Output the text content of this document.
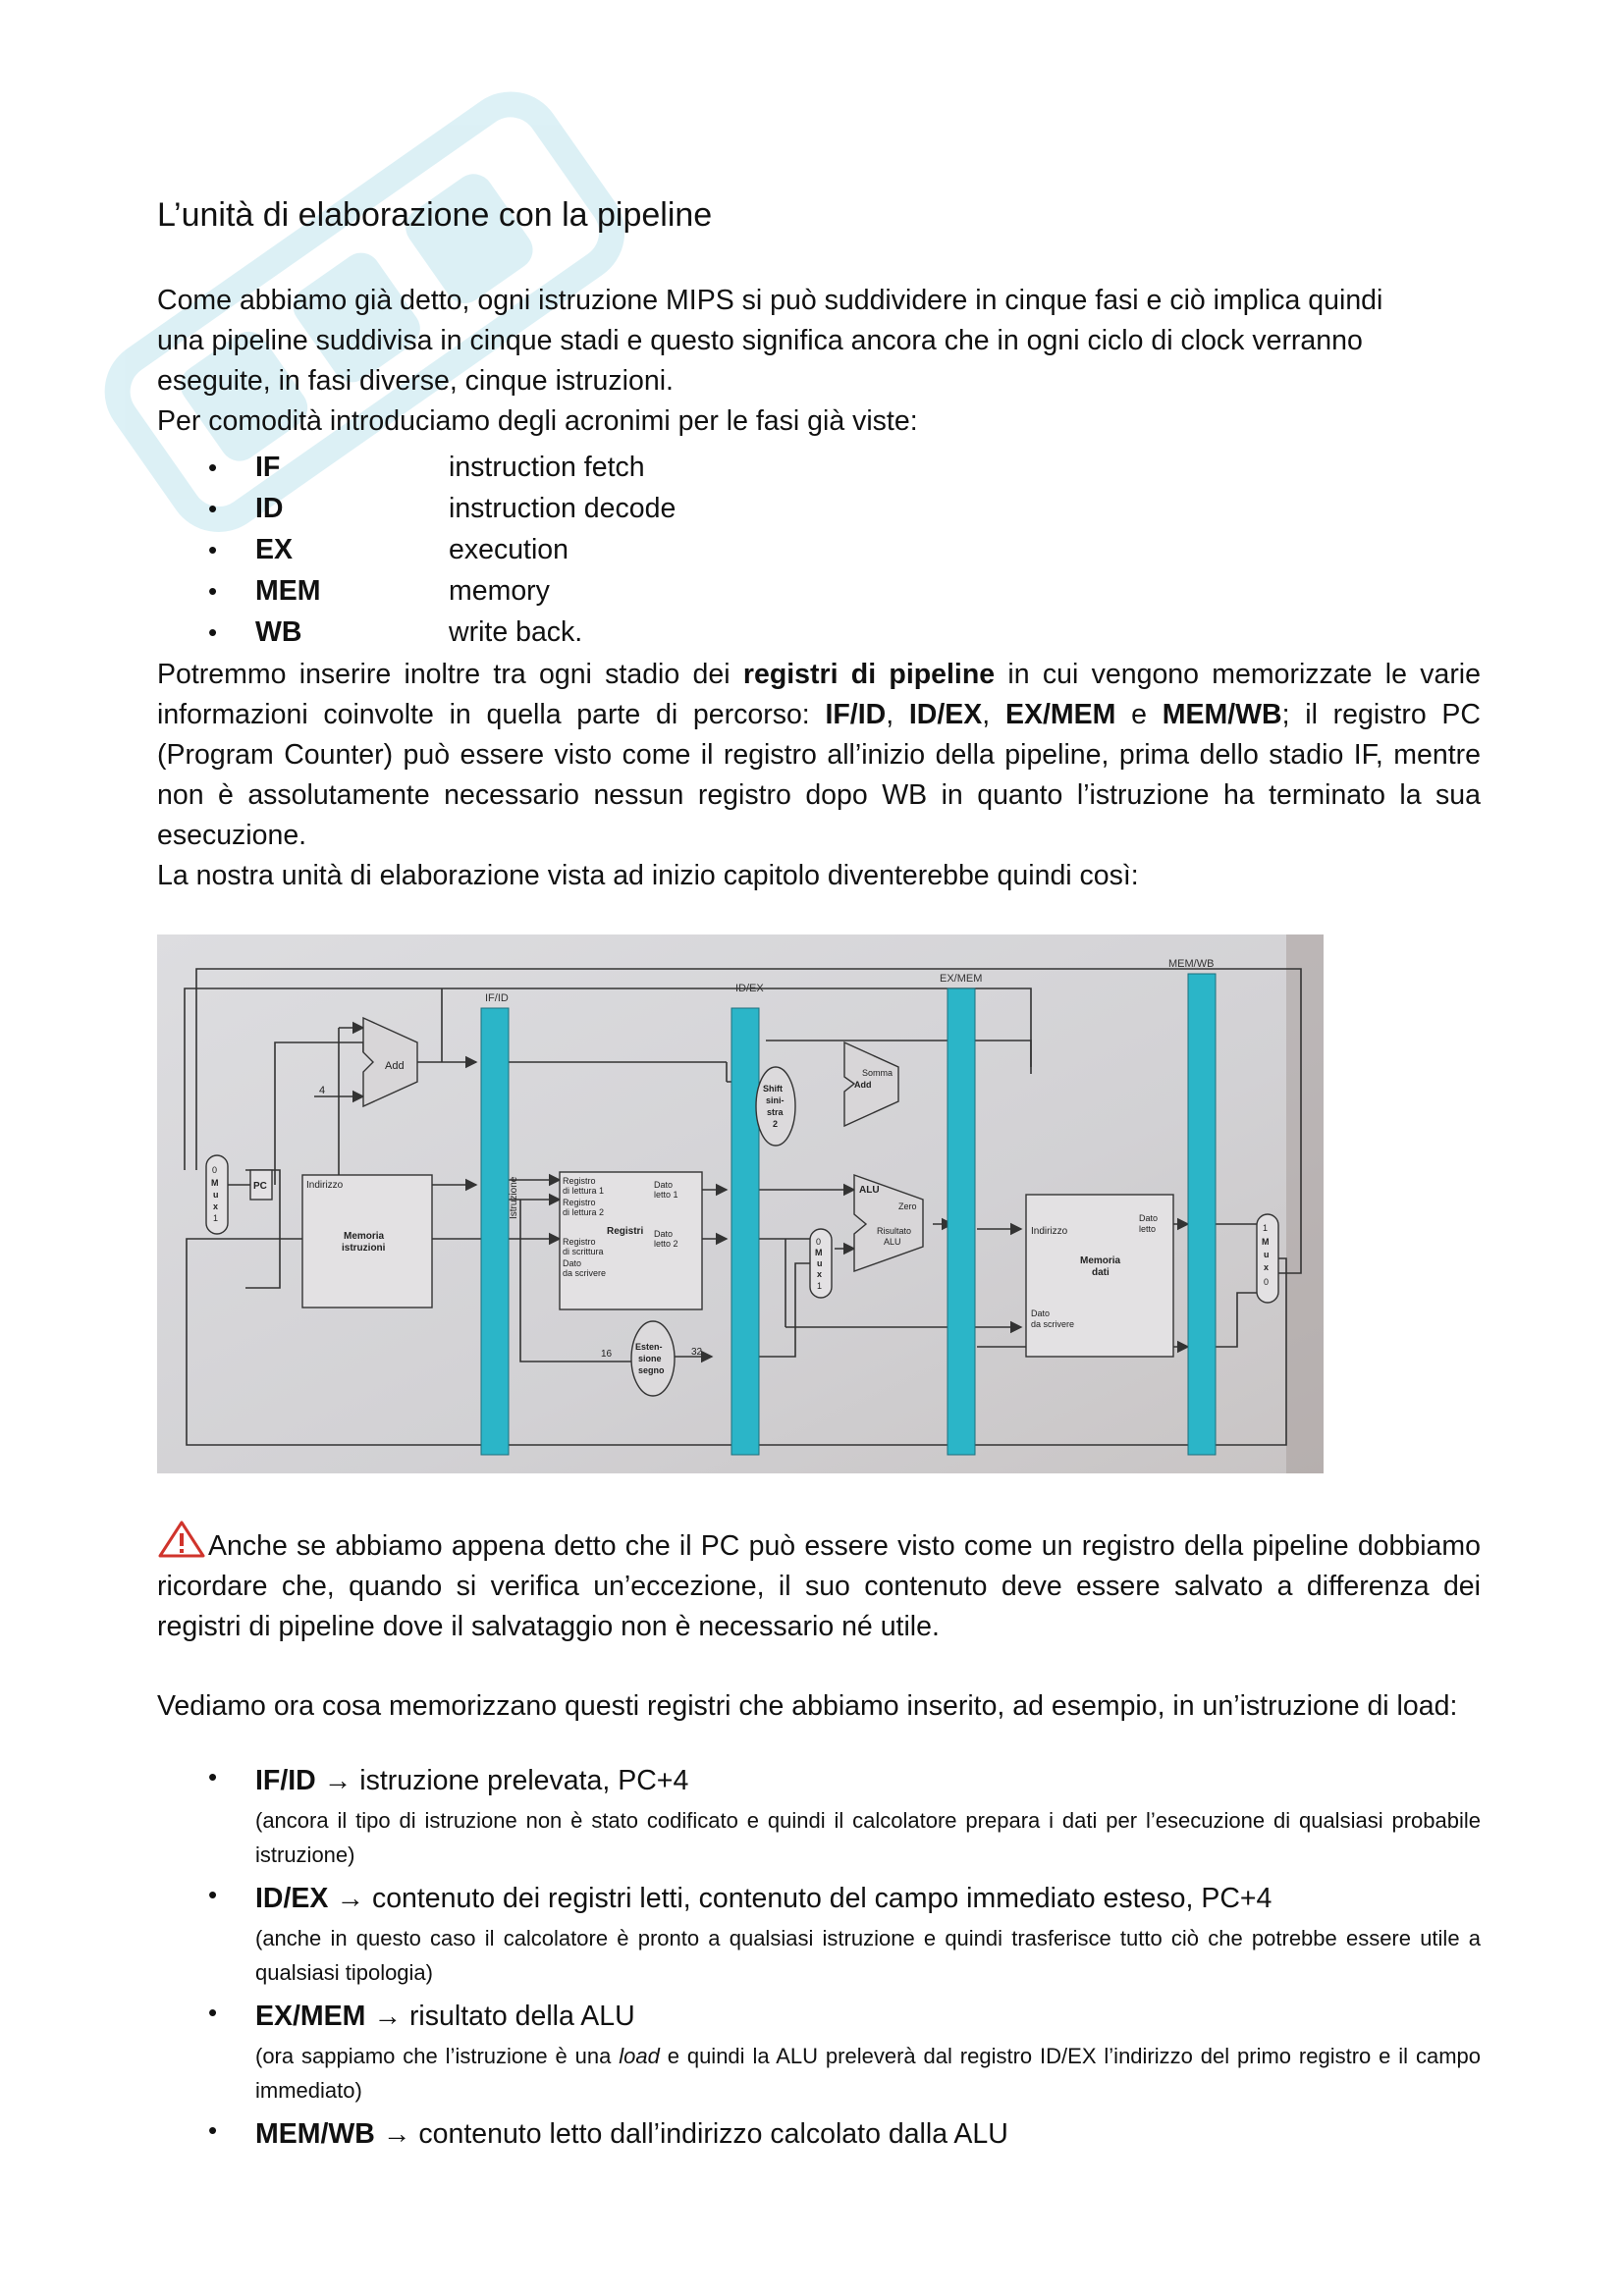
L’unità di elaborazione con la pipeline
Come abbiamo già detto, ogni istruzione MIPS si può suddividere in cinque fasi e ciò implica quindi
una pipeline suddivisa in cinque stadi e questo significa ancora che in ogni ciclo di clock verranno
eseguite, in fasi diverse, cinque istruzioni.
Per comodità introduciamo degli acronimi per le fasi già viste:
• IF	instruction fetch
• ID	instruction decode
• EX	execution
• MEM	memory
• WB	write back.
Potremmo inserire inoltre tra ogni stadio dei registri di pipeline in cui vengono memorizzate le varie informazioni coinvolte in quella parte di percorso: IF/ID, ID/EX, EX/MEM e MEM/WB; il registro PC (Program Counter) può essere visto come il registro all’inizio della pipeline, prima dello stadio IF, mentre non è assolutamente necessario nessun registro dopo WB in quanto l’istruzione ha terminato la sua esecuzione.
La nostra unità di elaborazione vista ad inizio capitolo diventerebbe quindi così:
IF/ID
ID/EX
EX/MEM
MEM/WB
Add
4
0
M
u
x
1
PC	Indirizzo
Memoria
istruzioni
Istruzione	Registro
di lettura 1
Registro
di lettura 2
Registro
di scrittura
Dato
da scrivere
Registri
Dato
letto 1
Dato
letto 2
Esten-
sione
segno
16	32
Shift
sini-
stra
2
Somma
Add
0
M
u
x
1
ALU
Zero
Risultato
ALU
Indirizzo
Memoria
dati
Dato
letto
Dato
da scrivere
1
M
u
x
0
Anche se abbiamo appena detto che il PC può essere visto come un registro della pipeline dobbiamo ricordare che, quando si verifica un’eccezione, il suo contenuto deve essere salvato a differenza dei registri di pipeline dove il salvataggio non è necessario né utile.
Vediamo ora cosa memorizzano questi registri che abbiamo inserito, ad esempio, in un’istruzione di load:
• IF/ID → istruzione prelevata, PC+4
(ancora il tipo di istruzione non è stato codificato e quindi il calcolatore prepara i dati per l’esecuzione di qualsiasi probabile istruzione)
• ID/EX → contenuto dei registri letti, contenuto del campo immediato esteso, PC+4
(anche in questo caso il calcolatore è pronto a qualsiasi istruzione e quindi trasferisce tutto ciò che potrebbe essere utile a qualsiasi tipologia)
• EX/MEM → risultato della ALU
(ora sappiamo che l’istruzione è una load e quindi la ALU preleverà dal registro ID/EX l’indirizzo del primo registro e il campo immediato)
• MEM/WB → contenuto letto dall’indirizzo calcolato dalla ALU
